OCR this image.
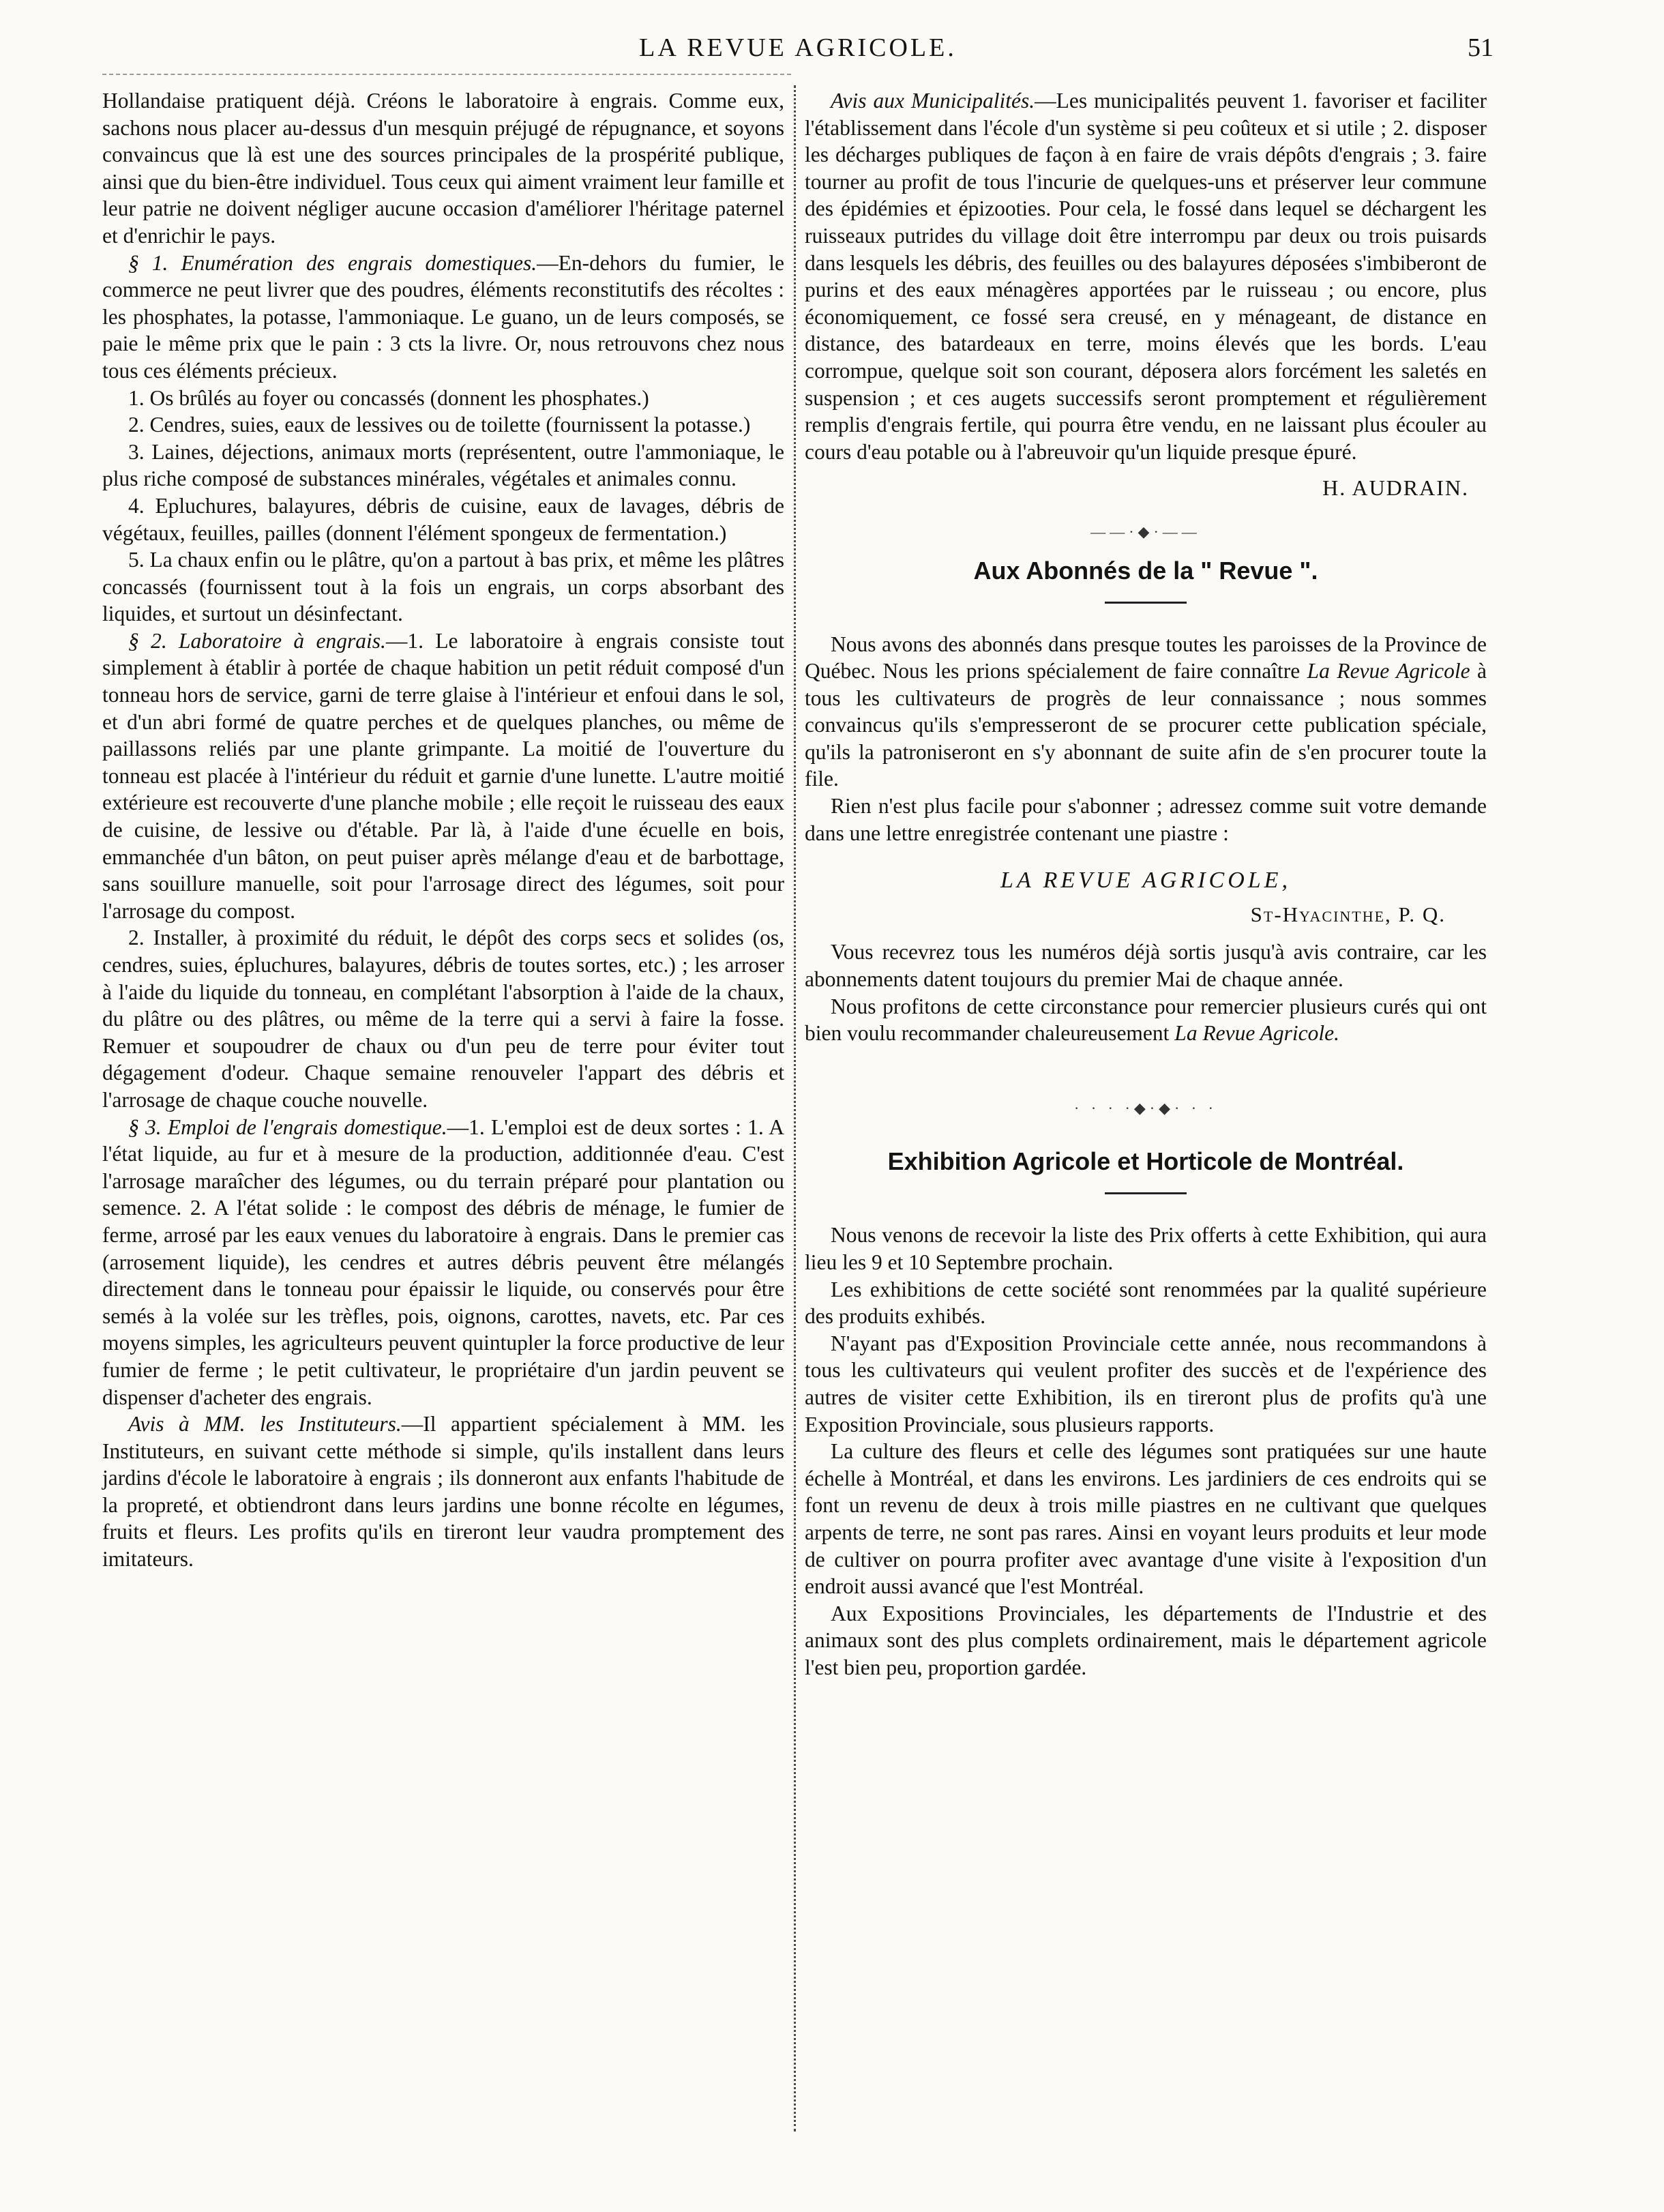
LA REVUE AGRICOLE.	51

Hollandaise pratiquent déjà. Créons le laboratoire à engrais. Comme eux, sachons nous placer au-dessus d'un mesquin préjugé de répugnance, et soyons convaincus que là est une des sources principales de la prospérité publique, ainsi que du bien-être individuel. Tous ceux qui aiment vraiment leur famille et leur patrie ne doivent négliger aucune occasion d'améliorer l'héritage paternel et d'enrichir le pays.

§ 1. Enumération des engrais domestiques.—En-dehors du fumier, le commerce ne peut livrer que des poudres, éléments reconstitutifs des récoltes : les phosphates, la potasse, l'ammoniaque. Le guano, un de leurs composés, se paie le même prix que le pain : 3 cts la livre. Or, nous retrouvons chez nous tous ces éléments précieux.

1. Os brûlés au foyer ou concassés (donnent les phosphates.)

2. Cendres, suies, eaux de lessives ou de toilette (fournissent la potasse.)

3. Laines, déjections, animaux morts (représentent, outre l'ammoniaque, le plus riche composé de substances minérales, végétales et animales connu.

4. Epluchures, balayures, débris de cuisine, eaux de lavages, débris de végétaux, feuilles, pailles (donnent l'élément spongeux de fermentation.)

5. La chaux enfin ou le plâtre, qu'on a partout à bas prix, et même les plâtres concassés (fournissent tout à la fois un engrais, un corps absorbant des liquides, et surtout un désinfectant.

§ 2. Laboratoire à engrais.—1. Le laboratoire à engrais consiste tout simplement à établir à portée de chaque habition un petit réduit composé d'un tonneau hors de service, garni de terre glaise à l'intérieur et enfoui dans le sol, et d'un abri formé de quatre perches et de quelques planches, ou même de paillassons reliés par une plante grimpante. La moitié de l'ouverture du tonneau est placée à l'intérieur du réduit et garnie d'une lunette. L'autre moitié extérieure est recouverte d'une planche mobile ; elle reçoit le ruisseau des eaux de cuisine, de lessive ou d'étable. Par là, à l'aide d'une écuelle en bois, emmanchée d'un bâton, on peut puiser après mélange d'eau et de barbottage, sans souillure manuelle, soit pour l'arrosage direct des légumes, soit pour l'arrosage du compost.

2. Installer, à proximité du réduit, le dépôt des corps secs et solides (os, cendres, suies, épluchures, balayures, débris de toutes sortes, etc.) ; les arroser à l'aide du liquide du tonneau, en complétant l'absorption à l'aide de la chaux, du plâtre ou des plâtres, ou même de la terre qui a servi à faire la fosse. Remuer et soupoudrer de chaux ou d'un peu de terre pour éviter tout dégagement d'odeur. Chaque semaine renouveler l'appart des débris et l'arrosage de chaque couche nouvelle.

§ 3. Emploi de l'engrais domestique.—1. L'emploi est de deux sortes : 1. A l'état liquide, au fur et à mesure de la production, additionnée d'eau. C'est l'arrosage maraîcher des légumes, ou du terrain préparé pour plantation ou semence. 2. A l'état solide : le compost des débris de ménage, le fumier de ferme, arrosé par les eaux venues du laboratoire à engrais. Dans le premier cas (arrosement liquide), les cendres et autres débris peuvent être mélangés directement dans le tonneau pour épaissir le liquide, ou conservés pour être semés à la volée sur les trèfles, pois, oignons, carottes, navets, etc. Par ces moyens simples, les agriculteurs peuvent quintupler la force productive de leur fumier de ferme ; le petit cultivateur, le propriétaire d'un jardin peuvent se dispenser d'acheter des engrais.

Avis à MM. les Instituteurs.—Il appartient spécialement à MM. les Instituteurs, en suivant cette méthode si simple, qu'ils installent dans leurs jardins d'école le laboratoire à engrais ; ils donneront aux enfants l'habitude de la propreté, et obtiendront dans leurs jardins une bonne récolte en légumes, fruits et fleurs. Les profits qu'ils en tireront leur vaudra promptement des imitateurs.

Avis aux Municipalités.—Les municipalités peuvent 1. favoriser et faciliter l'établissement dans l'école d'un système si peu coûteux et si utile ; 2. disposer les décharges publiques de façon à en faire de vrais dépôts d'engrais ; 3. faire tourner au profit de tous l'incurie de quelques-uns et préserver leur commune des épidémies et épizooties. Pour cela, le fossé dans lequel se déchargent les ruisseaux putrides du village doit être interrompu par deux ou trois puisards dans lesquels les débris, des feuilles ou des balayures déposées s'imbiberont de purins et des eaux ménagères apportées par le ruisseau ; ou encore, plus économiquement, ce fossé sera creusé, en y ménageant, de distance en distance, des batardeaux en terre, moins élevés que les bords. L'eau corrompue, quelque soit son courant, déposera alors forcément les saletés en suspension ; et ces augets successifs seront promptement et régulièrement remplis d'engrais fertile, qui pourra être vendu, en ne laissant plus écouler au cours d'eau potable ou à l'abreuvoir qu'un liquide presque épuré.

H. AUDRAIN.
——·◆·——
Aux Abonnés de la " Revue ".

Nous avons des abonnés dans presque toutes les paroisses de la Province de Québec. Nous les prions spécialement de faire connaître La Revue Agricole à tous les cultivateurs de progrès de leur connaissance ; nous sommes convaincus qu'ils s'empresseront de se procurer cette publication spéciale, qu'ils la patroniseront en s'y abonnant de suite afin de s'en procurer toute la file.

Rien n'est plus facile pour s'abonner ; adressez comme suit votre demande dans une lettre enregistrée contenant une piastre :

LA REVUE AGRICOLE,
St-Hyacinthe, P. Q.

Vous recevrez tous les numéros déjà sortis jusqu'à avis contraire, car les abonnements datent toujours du premier Mai de chaque année.

Nous profitons de cette circonstance pour remercier plusieurs curés qui ont bien voulu recommander chaleureusement La Revue Agricole.

· · · ·◆·◆· · ·
Exhibition Agricole et Horticole de Montréal.

Nous venons de recevoir la liste des Prix offerts à cette Exhibition, qui aura lieu les 9 et 10 Septembre prochain.

Les exhibitions de cette société sont renommées par la qualité supérieure des produits exhibés.

N'ayant pas d'Exposition Provinciale cette année, nous recommandons à tous les cultivateurs qui veulent profiter des succès et de l'expérience des autres de visiter cette Exhibition, ils en tireront plus de profits qu'à une Exposition Provinciale, sous plusieurs rapports.

La culture des fleurs et celle des légumes sont pratiquées sur une haute échelle à Montréal, et dans les environs. Les jardiniers de ces endroits qui se font un revenu de deux à trois mille piastres en ne cultivant que quelques arpents de terre, ne sont pas rares. Ainsi en voyant leurs produits et leur mode de cultiver on pourra profiter avec avantage d'une visite à l'exposition d'un endroit aussi avancé que l'est Montréal.

Aux Expositions Provinciales, les départements de l'Industrie et des animaux sont des plus complets ordinairement, mais le département agricole l'est bien peu, proportion gardée.
